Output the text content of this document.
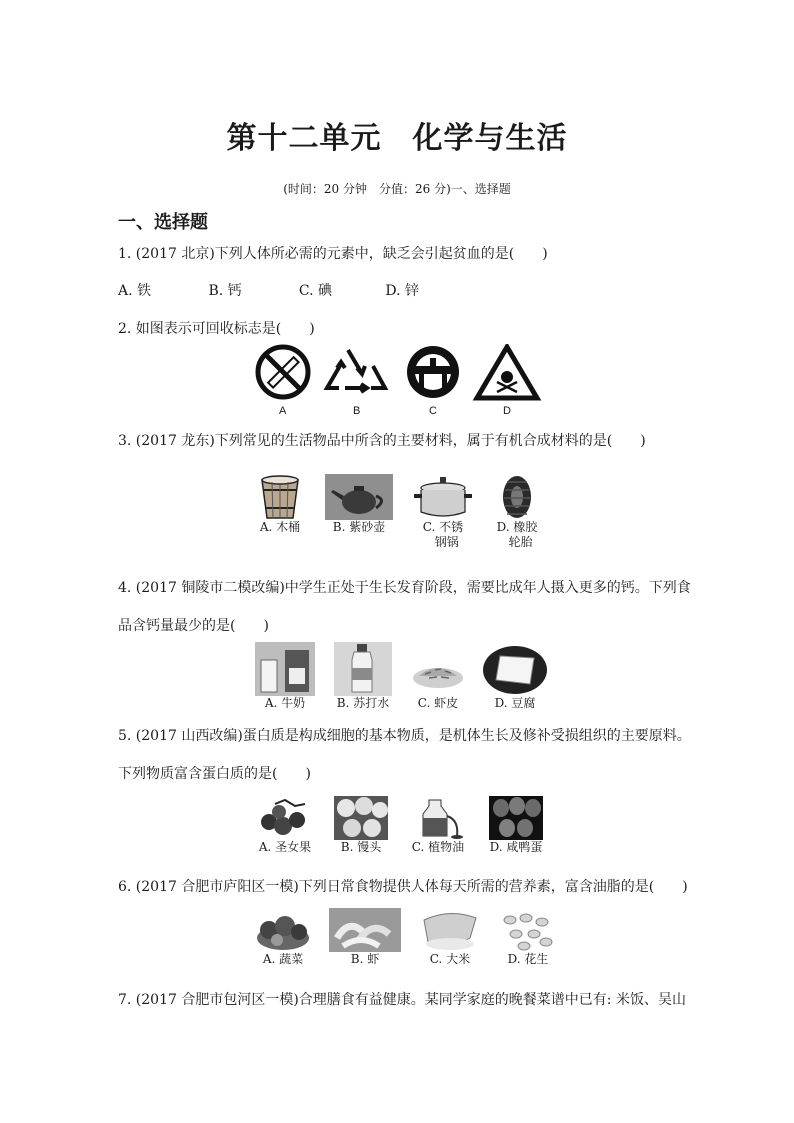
第十二单元　化学与生活
(时间：20 分钟　分值：26 分)一、选择题
一、选择题
1. (2017 北京)下列人体所必需的元素中，缺乏会引起贫血的是(　　)
A. 铁	B. 钙	C. 碘	D. 锌
2. 如图表示可回收标志是(　　)
A	B	C	D
3. (2017 龙东)下列常见的生活物品中所含的主要材料，属于有机合成材料的是(　　)
A. 木桶	B. 紫砂壶	C. 不锈
　钢锅
D. 橡胶
　轮胎
4. (2017 铜陵市二模改编)中学生正处于生长发育阶段，需要比成年人摄入更多的钙。下列食
品含钙量最少的是(　　)
A. 牛奶	B. 苏打水 C. 虾皮	D. 豆腐
5. (2017 山西改编)蛋白质是构成细胞的基本物质，是机体生长及修补受损组织的主要原料。
下列物质富含蛋白质的是(　　)
A. 圣女果 B. 馒头	C. 植物油 D. 咸鸭蛋
6. (2017 合肥市庐阳区一模)下列日常食物提供人体每天所需的营养素，富含油脂的是(　　)
A. 蔬菜	B. 虾	C. 大米	D. 花生
7. (2017 合肥市包河区一模)合理膳食有益健康。某同学家庭的晚餐菜谱中已有: 米饭、吴山
